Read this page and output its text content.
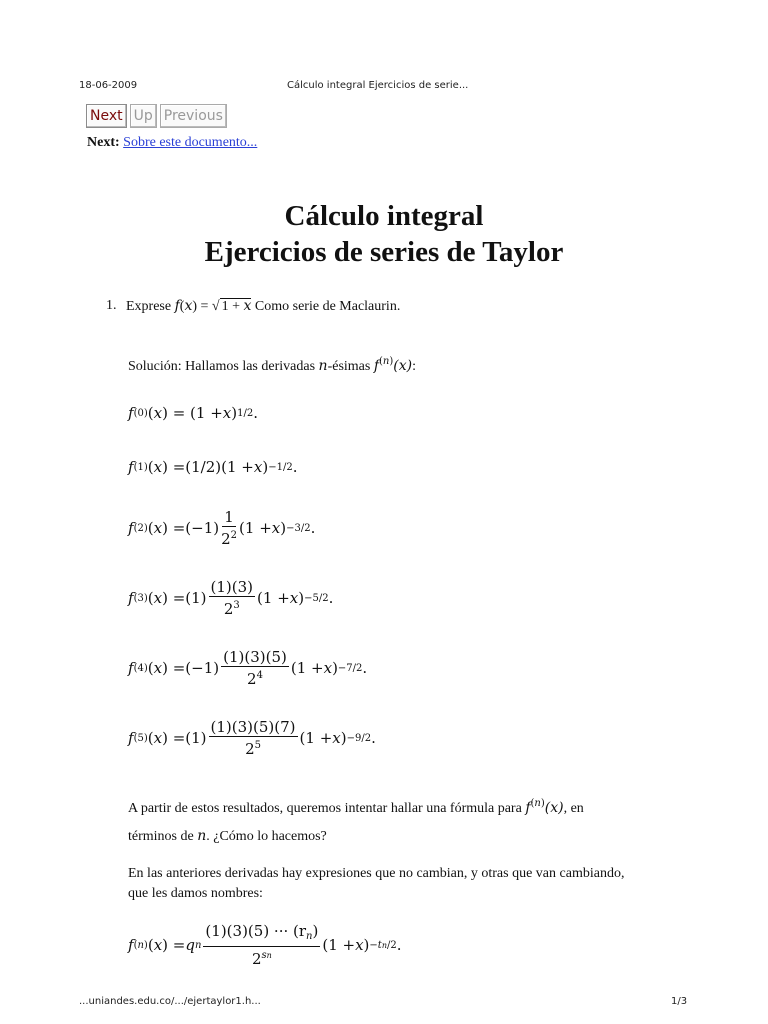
18-06-2009	Cálculo integral Ejercicios de serie...
Next Up Previous
Next: Sobre este documento...
Cálculo integral
Ejercicios de series de Taylor
1. Exprese f(x) = √ 1 + x Como serie de Maclaurin.
Solución: Hallamos las derivadas n-ésimas $f^{(n)}(x)$:
f (0) ( x ) = (1 + x ) 1/2 .
f (1) ( x ) = (1/2) (1 + x ) −1/2 .
f (2) ( x ) = $(-1) \frac{1}{2^2} (1 + x$ ) −3/2 .
f (3) ( x ) = $(1) \frac{(1)(3)}{2^3} (1 + x$ ) −5/2 .
f (4) ( x ) = $(-1) \frac{(1)(3)(5)}{2^4} (1 + x$ ) −7/2 .
f (5) ( x ) = $(1) \frac{(1)(3)(5)(7)}{2^5} (1 + x$ ) −9/2 .
A partir de estos resultados, queremos intentar hallar una fórmula para $f^{(n)}(x)$, en
términos de n. ¿Cómo lo hacemos?
En las anteriores derivadas hay expresiones que no cambian, y otras que van cambiando,
que les damos nombres:
f (n) ( x ) = q n $\frac{(1)(3)(5) \cdot\cdot\cdot (r_n)}{2^{sn}} (1 + x$ ) −tn/2 .
...uniandes.edu.co/.../ejertaylor1.h...	1/3
